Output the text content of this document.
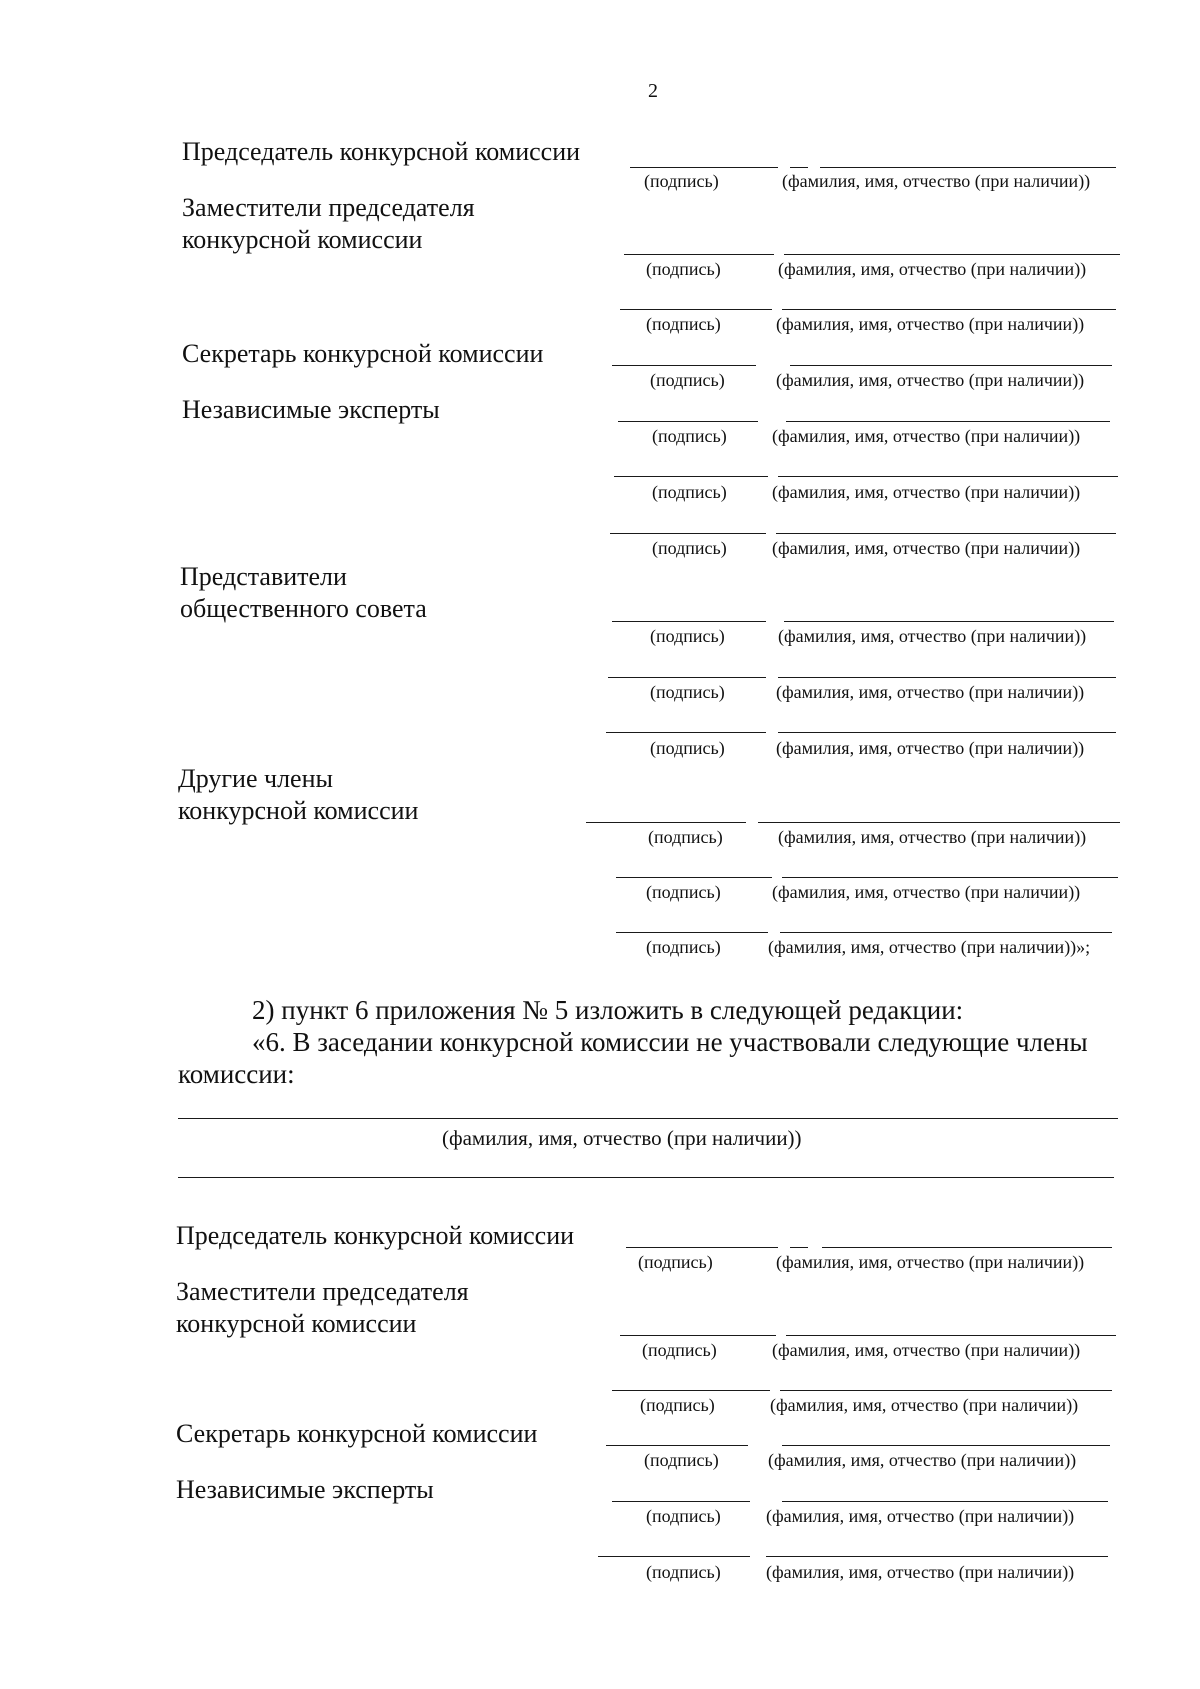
2
Председатель конкурсной комиссии
(подпись)	(фамилия, имя, отчество (при наличии))
Заместители председателя
конкурсной комиссии
(подпись)	(фамилия, имя, отчество (при наличии))
(подпись)	(фамилия, имя, отчество (при наличии))
Секретарь конкурсной комиссии
(подпись)	(фамилия, имя, отчество (при наличии))
Независимые эксперты
(подпись)	(фамилия, имя, отчество (при наличии))
(подпись)	(фамилия, имя, отчество (при наличии))
(подпись)	(фамилия, имя, отчество (при наличии))
Представители
общественного совета
(подпись)	(фамилия, имя, отчество (при наличии))
(подпись)	(фамилия, имя, отчество (при наличии))
(подпись)	(фамилия, имя, отчество (при наличии))
Другие члены
конкурсной комиссии
(подпись)	(фамилия, имя, отчество (при наличии))
(подпись)	(фамилия, имя, отчество (при наличии))
(подпись)	(фамилия, имя, отчество (при наличии))»;
2) пункт 6 приложения № 5 изложить в следующей редакции:
«6. В заседании конкурсной комиссии не участвовали следующие члены
комиссии:
(фамилия, имя, отчество (при наличии))
Председатель конкурсной комиссии
(подпись)	(фамилия, имя, отчество (при наличии))
Заместители председателя
конкурсной комиссии
(подпись)	(фамилия, имя, отчество (при наличии))
(подпись)	(фамилия, имя, отчество (при наличии))
Секретарь конкурсной комиссии
(подпись)	(фамилия, имя, отчество (при наличии))
Независимые эксперты
(подпись)	(фамилия, имя, отчество (при наличии))
(подпись)	(фамилия, имя, отчество (при наличии))
